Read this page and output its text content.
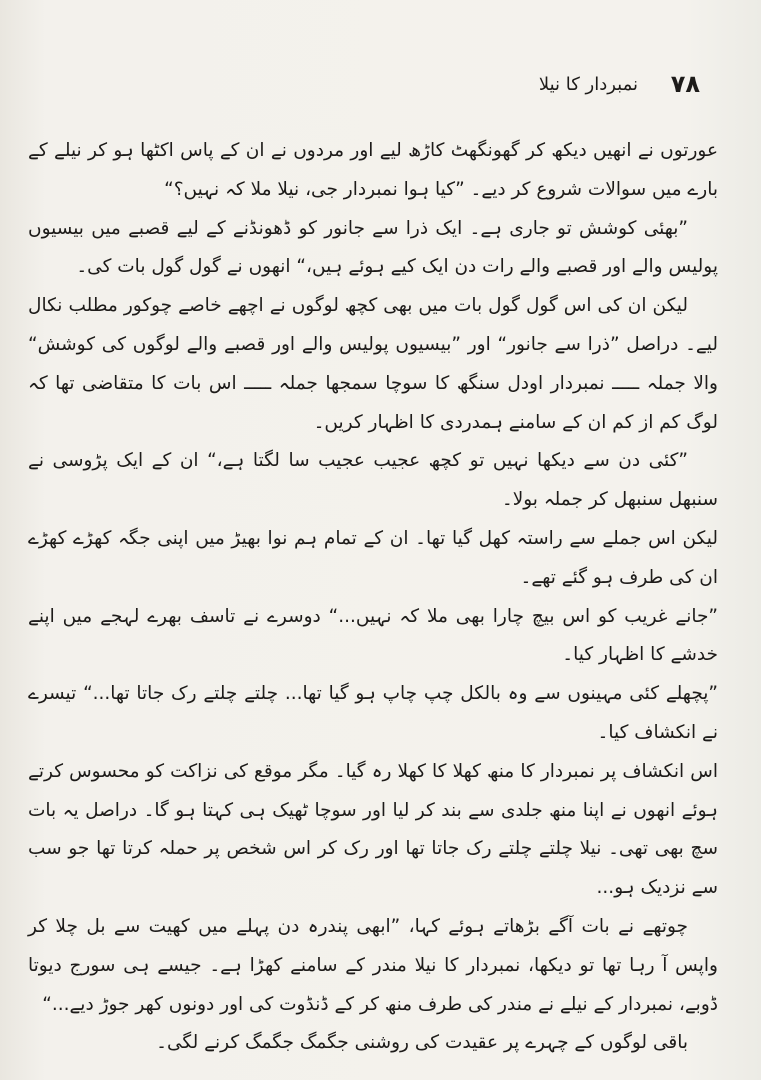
۷۸
نمبردار کا نیلا

عورتوں نے انھیں دیکھ کر گھونگھٹ کاڑھ لیے اور مردوں نے ان کے پاس اکٹھا ہو کر نیلے کے بارے میں سوالات شروع کر دیے۔ ”کیا ہوا نمبردار جی، نیلا ملا کہ نہیں؟“

”بھئی کوشش تو جاری ہے۔ ایک ذرا سے جانور کو ڈھونڈنے کے لیے قصبے میں بیسیوں پولیس والے اور قصبے والے رات دن ایک کیے ہوئے ہیں،“ انھوں نے گول گول بات کی۔

لیکن ان کی اس گول گول بات میں بھی کچھ لوگوں نے اچھے خاصے چوکور مطلب نکال لیے۔ دراصل ”ذرا سے جانور“ اور ”بیسیوں پولیس والے اور قصبے والے لوگوں کی کوشش“ والا جملہ ـــــ نمبردار اودل سنگھ کا سوچا سمجھا جملہ ـــــ اس بات کا متقاضی تھا کہ لوگ کم از کم ان کے سامنے ہمدردی کا اظہار کریں۔

”کئی دن سے دیکھا نہیں تو کچھ عجیب عجیب سا لگتا ہے،“ ان کے ایک پڑوسی نے سنبھل سنبھل کر جملہ بولا۔

لیکن اس جملے سے راستہ کھل گیا تھا۔ ان کے تمام ہم نوا بھیڑ میں اپنی جگہ کھڑے کھڑے ان کی طرف ہو گئے تھے۔

”جانے غریب کو اس بیچ چارا بھی ملا کہ نہیں...“ دوسرے نے تاسف بھرے لہجے میں اپنے خدشے کا اظہار کیا۔

”پچھلے کئی مہینوں سے وہ بالکل چپ چاپ ہو گیا تھا... چلتے چلتے رک جاتا تھا...“ تیسرے نے انکشاف کیا۔

اس انکشاف پر نمبردار کا منھ کھلا کا کھلا رہ گیا۔ مگر موقع کی نزاکت کو محسوس کرتے ہوئے انھوں نے اپنا منھ جلدی سے بند کر لیا اور سوچا ٹھیک ہی کہتا ہو گا۔ دراصل یہ بات سچ بھی تھی۔ نیلا چلتے چلتے رک جاتا تھا اور رک کر اس شخص پر حملہ کرتا تھا جو سب سے نزدیک ہو...

چوتھے نے بات آگے بڑھاتے ہوئے کہا، ”ابھی پندرہ دن پہلے میں کھیت سے بل چلا کر واپس آ رہا تھا تو دیکھا، نمبردار کا نیلا مندر کے سامنے کھڑا ہے۔ جیسے ہی سورج دیوتا ڈوبے، نمبردار کے نیلے نے مندر کی طرف منھ کر کے ڈنڈوت کی اور دونوں کھر جوڑ دیے...“

باقی لوگوں کے چہرے پر عقیدت کی روشنی جگمگ جگمگ کرنے لگی۔
